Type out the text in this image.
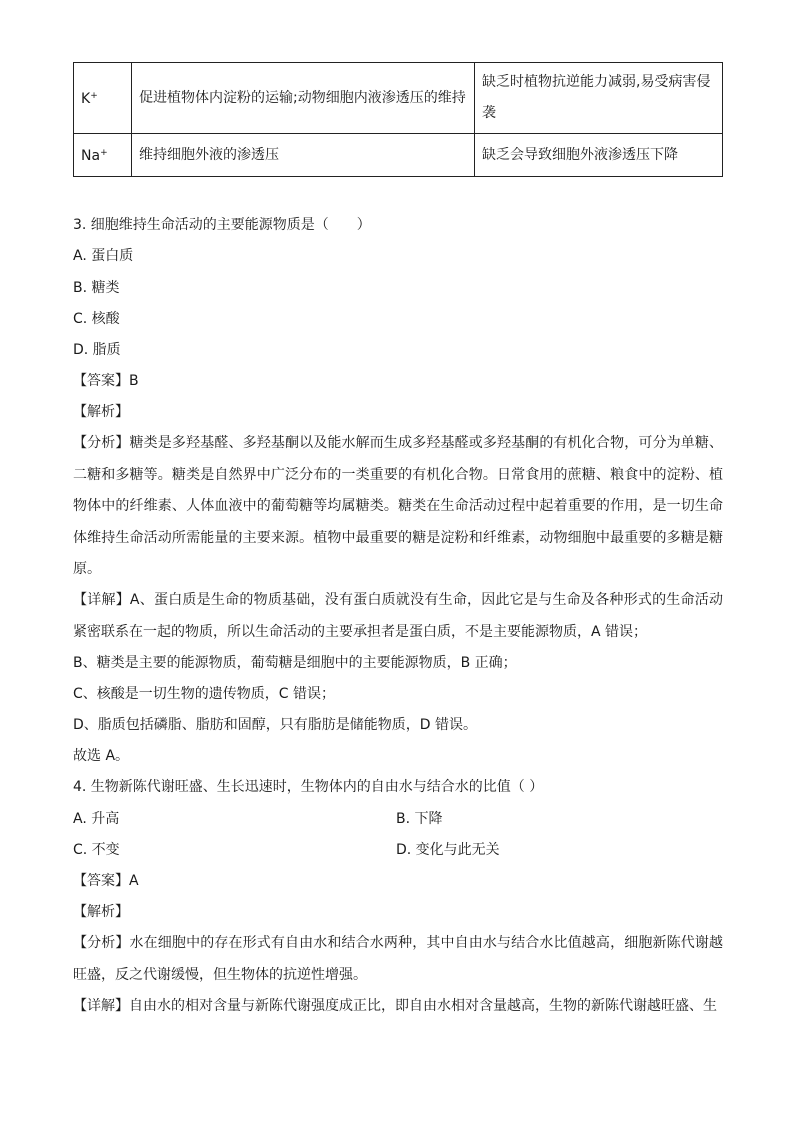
K+	促进植物体内淀粉的运输;动物细胞内液渗透压的维持	缺乏时植物抗逆能力减弱,易受病害侵袭
Na+	维持细胞外液的渗透压	缺乏会导致细胞外液渗透压下降
3. 细胞维持生命活动的主要能源物质是（　　）
A. 蛋白质
B. 糖类
C. 核酸
D. 脂质
【答案】B
【解析】
【分析】糖类是多羟基醛、多羟基酮以及能水解而生成多羟基醛或多羟基酮的有机化合物，可分为单糖、二糖和多糖等。糖类是自然界中广泛分布的一类重要的有机化合物。日常食用的蔗糖、粮食中的淀粉、植物体中的纤维素、人体血液中的葡萄糖等均属糖类。糖类在生命活动过程中起着重要的作用，是一切生命体维持生命活动所需能量的主要来源。植物中最重要的糖是淀粉和纤维素，动物细胞中最重要的多糖是糖原。
【详解】A、蛋白质是生命的物质基础，没有蛋白质就没有生命，因此它是与生命及各种形式的生命活动紧密联系在一起的物质，所以生命活动的主要承担者是蛋白质，不是主要能源物质，A 错误；
B、糖类是主要的能源物质，葡萄糖是细胞中的主要能源物质，B 正确；
C、核酸是一切生物的遗传物质，C 错误；
D、脂质包括磷脂、脂肪和固醇，只有脂肪是储能物质，D 错误。
故选 A。
4. 生物新陈代谢旺盛、生长迅速时，生物体内的自由水与结合水的比值（ ）
A. 升高	B. 下降
C. 不变	D. 变化与此无关
【答案】A
【解析】
【分析】水在细胞中的存在形式有自由水和结合水两种，其中自由水与结合水比值越高，细胞新陈代谢越旺盛，反之代谢缓慢，但生物体的抗逆性增强。
【详解】自由水的相对含量与新陈代谢强度成正比，即自由水相对含量越高，生物的新陈代谢越旺盛、生
